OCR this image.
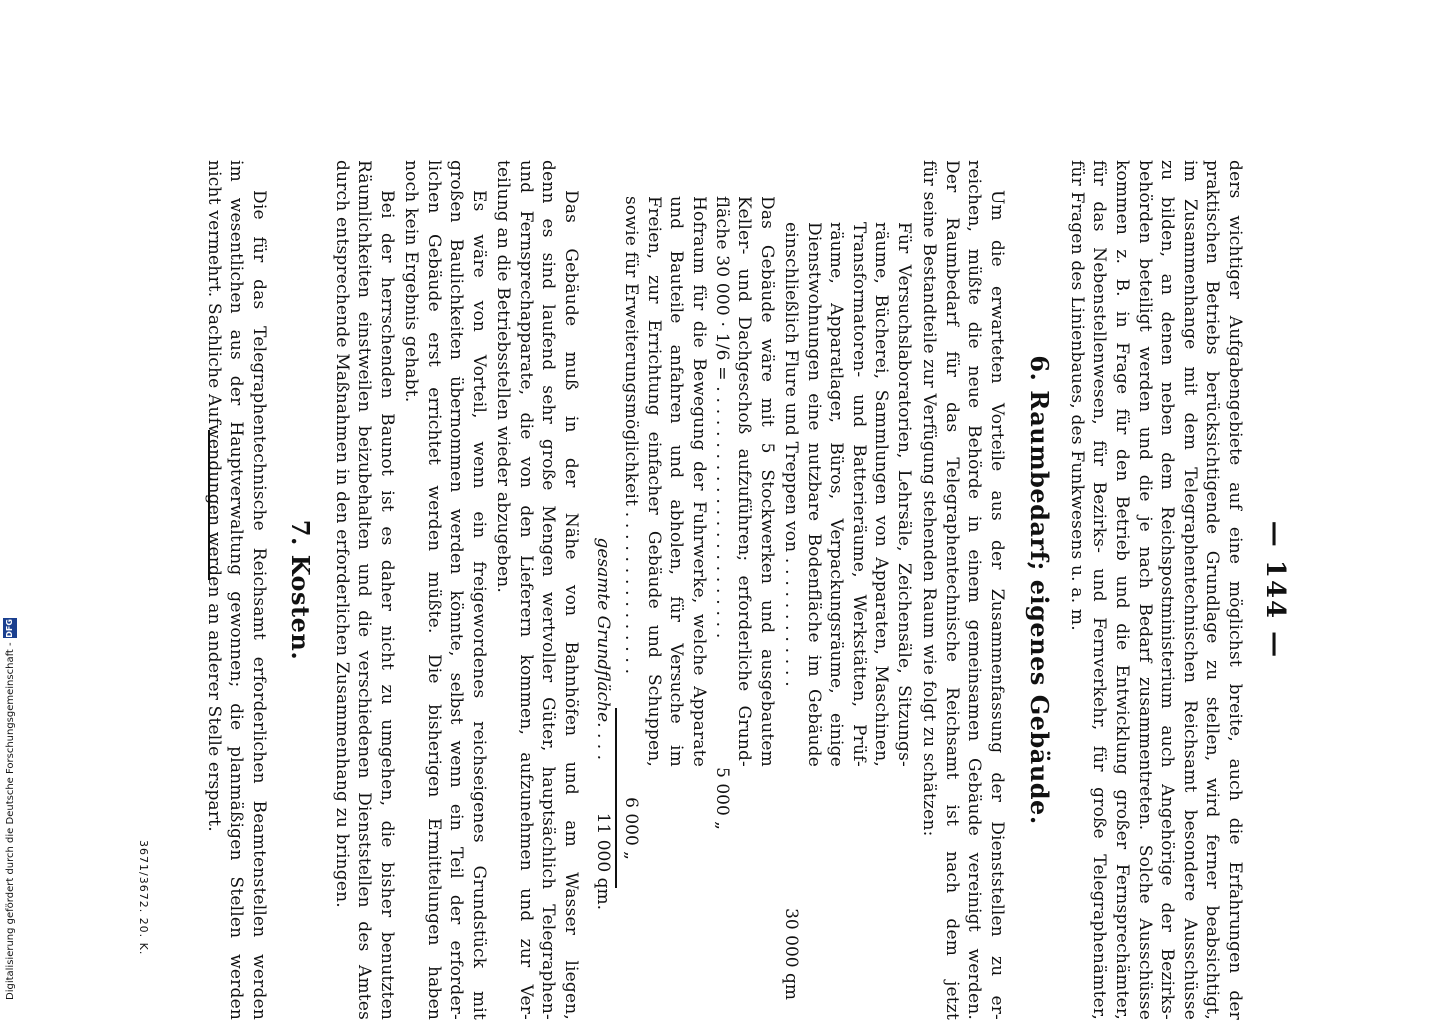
— 144 —
ders wichtiger Aufgabengebiete auf eine möglichst breite, auch die Erfahrungen der
praktischen Betriebs berücksichtigende Grundlage zu stellen, wird ferner beabsichtigt,
im Zusammenhange mit dem Telegraphentechnischen Reichsamt besondere Ausschüsse
zu bilden, an denen neben dem Reichspostministerium auch Angehörige der Bezirks-
behörden beteiligt werden und die je nach Bedarf zusammentreten. Solche Ausschüsse
kommen z. B. in Frage für den Betrieb und die Entwicklung großer Fernsprechämter,
für das Nebenstellenwesen, für Bezirks- und Fernverkehr, für große Telegraphenämter,
für Fragen des Linienbaues, des Funkwesens u. a. m.
6. Raumbedarf; eigenes Gebäude.
Um die erwarteten Vorteile aus der Zusammenfassung der Dienststellen zu er-
reichen, müßte die neue Behörde in einem gemeinsamen Gebäude vereinigt werden.
Der Raumbedarf für das Telegraphentechnische Reichsamt ist nach dem jetzt
für seine Bestandteile zur Verfügung stehenden Raum wie folgt zu schätzen:
Für Versuchslaboratorien, Lehrsäle, Zeichensäle, Sitzungs-
räume, Bücherei, Sammlungen von Apparaten, Maschinen,
Transformatoren- und Batterieräume, Werkstätten, Prüf-
räume, Apparatlager, Büros, Verpackungsräume, einige
Dienstwohnungen eine nutzbare Bodenfläche im Gebäude
einschließlich Flure und Treppen von . . . . . . . . . . . .
30 000 qm
Das Gebäude wäre mit 5 Stockwerken und ausgebautem
Keller- und Dachgeschoß aufzuführen; erforderliche Grund-
fläche 30 000 · 1/6 = . . . . . . . . . . . . . . . . . . . . . . .
5 000 „
Hofraum für die Bewegung der Fuhrwerke, welche Apparate
und Bauteile anfahren und abholen, für Versuche im
Freien, zur Errichtung einfacher Gebäude und Schuppen,
sowie für Erweiterungsmöglichkeit . . . . . . . . . . . . . . .
6 000 „
gesamte Grundfläche. . . .
11 000 qm.
Das Gebäude muß in der Nähe von Bahnhöfen und am Wasser liegen,
denn es sind laufend sehr große Mengen wertvoller Güter, hauptsächlich Telegraphen-
und Fernsprechapparate, die von den Lieferern kommen, aufzunehmen und zur Ver-
teilung an die Betriebsstellen wieder abzugeben.
Es wäre von Vorteil, wenn ein freigewordenes reichseigenes Grundstück mit
großen Baulichkeiten übernommen werden könnte, selbst wenn ein Teil der erforder-
lichen Gebäude erst errichtet werden müßte. Die bisherigen Ermittelungen haben
noch kein Ergebnis gehabt.
Bei der herrschenden Baunot ist es daher nicht zu umgehen, die bisher benutzten
Räumlichkeiten einstweilen beizubehalten und die verschiedenen Dienststellen des Amtes
durch entsprechende Maßnahmen in den erforderlichen Zusammenhang zu bringen.
7. Kosten.
Die für das Telegraphentechnische Reichsamt erforderlichen Beamtenstellen werden
im wesentlichen aus der Hauptverwaltung gewonnen; die planmäßigen Stellen werden
nicht vermehrt. Sachliche Aufwendungen werden an anderer Stelle erspart.
3671/3672. 20. K.
Digitalisierung gefördert durch die Deutsche Forschungsgemeinschaft -DFG
